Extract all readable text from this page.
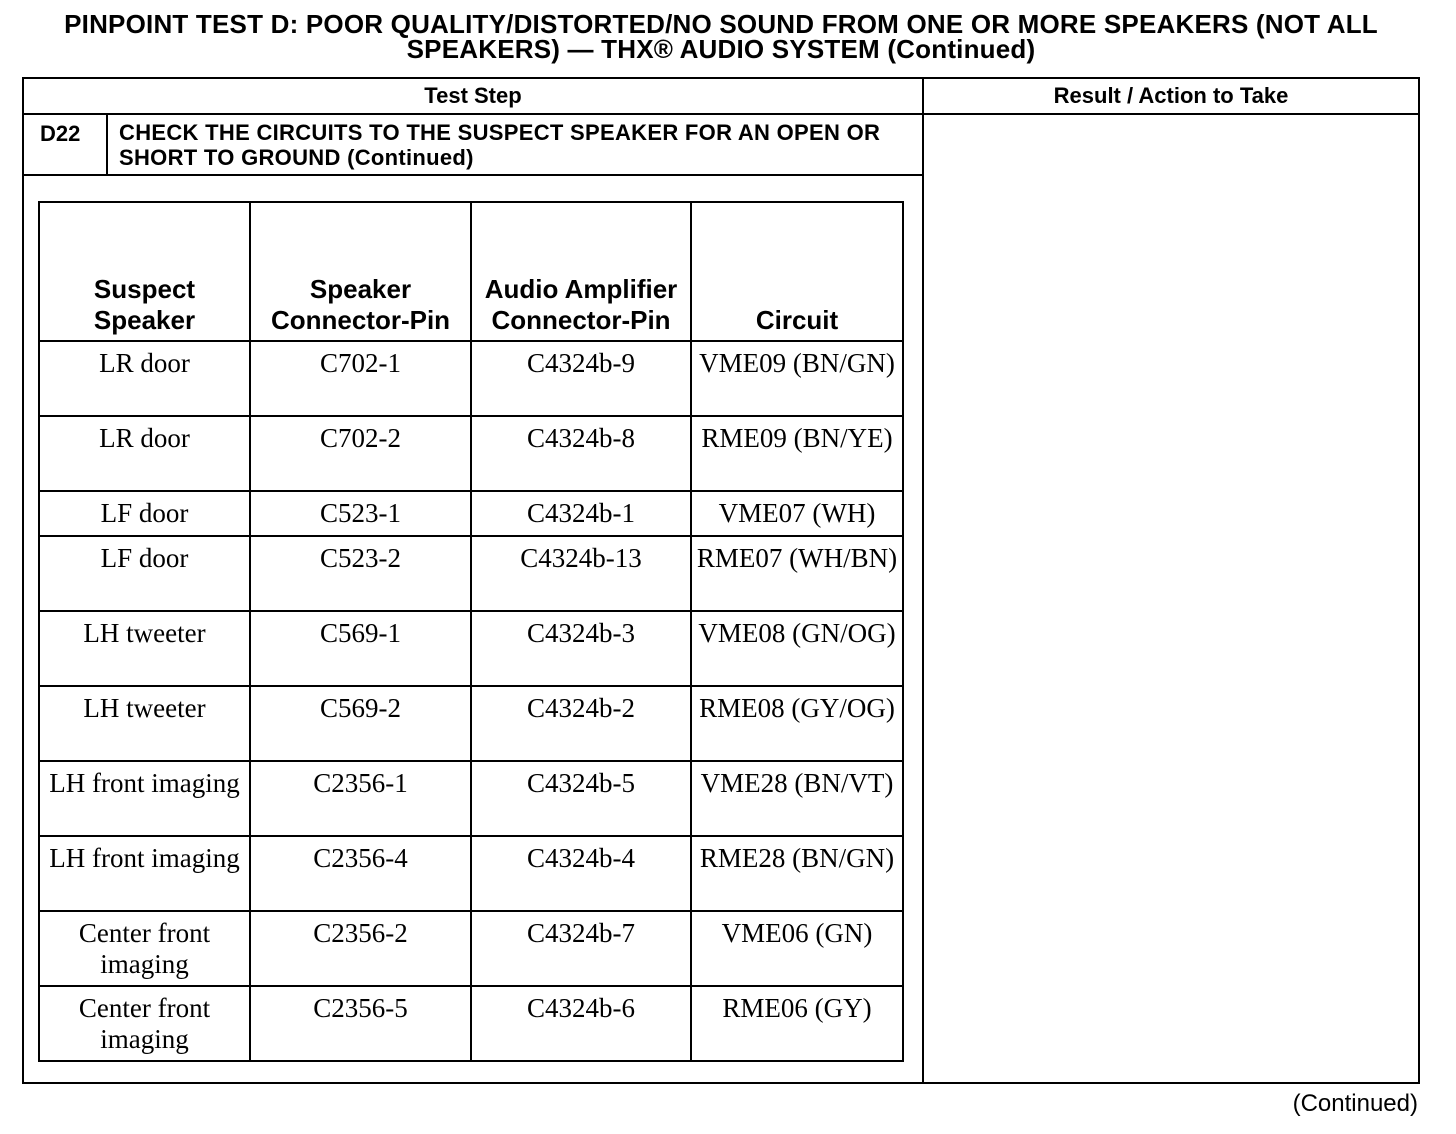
PINPOINT TEST D: POOR QUALITY/DISTORTED/NO SOUND FROM ONE OR MORE SPEAKERS (NOT ALL SPEAKERS) — THX® AUDIO SYSTEM (Continued)
Test Step	Result / Action to Take
D22 CHECK THE CIRCUITS TO THE SUSPECT SPEAKER FOR AN OPEN OR SHORT TO GROUND (Continued)
Suspect Speaker	Speaker Connector-Pin	Audio Amplifier Connector-Pin	Circuit
LR door	C702-1	C4324b-9	VME09 (BN/GN)
LR door	C702-2	C4324b-8	RME09 (BN/YE)
LF door	C523-1	C4324b-1	VME07 (WH)
LF door	C523-2	C4324b-13	RME07 (WH/BN)
LH tweeter	C569-1	C4324b-3	VME08 (GN/OG)
LH tweeter	C569-2	C4324b-2	RME08 (GY/OG)
LH front imaging	C2356-1	C4324b-5	VME28 (BN/VT)
LH front imaging	C2356-4	C4324b-4	RME28 (BN/GN)
Center front imaging	C2356-2	C4324b-7	VME06 (GN)
Center front imaging	C2356-5	C4324b-6	RME06 (GY)
(Continued)
